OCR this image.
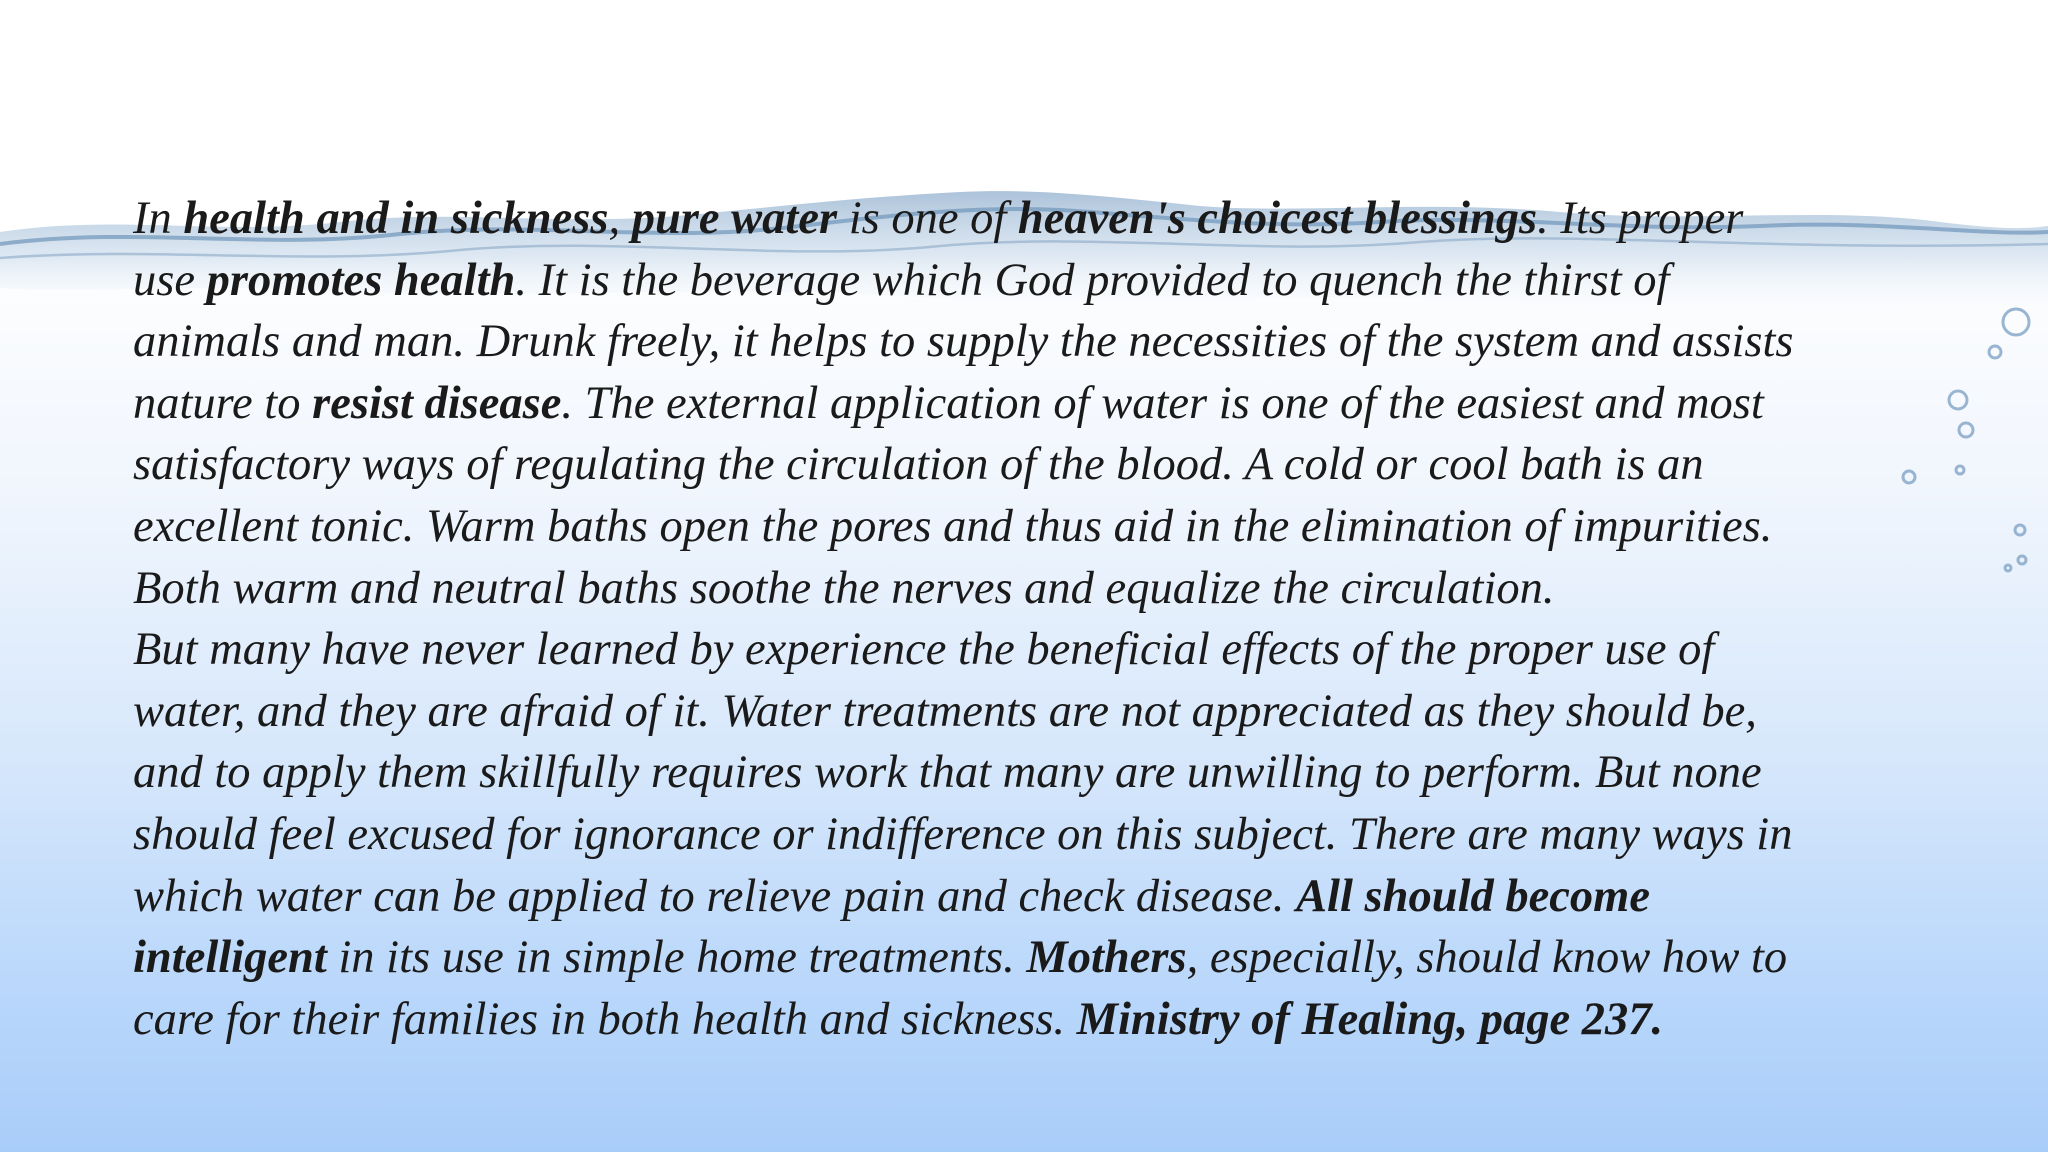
In health and in sickness, pure water is one of heaven's choicest blessings. Its proper
use promotes health. It is the beverage which God provided to quench the thirst of
animals and man. Drunk freely, it helps to supply the necessities of the system and assists
nature to resist disease. The external application of water is one of the easiest and most
satisfactory ways of regulating the circulation of the blood. A cold or cool bath is an
excellent tonic. Warm baths open the pores and thus aid in the elimination of impurities.
Both warm and neutral baths soothe the nerves and equalize the circulation.
But many have never learned by experience the beneficial effects of the proper use of
water, and they are afraid of it. Water treatments are not appreciated as they should be,
and to apply them skillfully requires work that many are unwilling to perform. But none
should feel excused for ignorance or indifference on this subject. There are many ways in
which water can be applied to relieve pain and check disease. All should become
intelligent in its use in simple home treatments. Mothers, especially, should know how to
care for their families in both health and sickness. Ministry of Healing, page 237.
